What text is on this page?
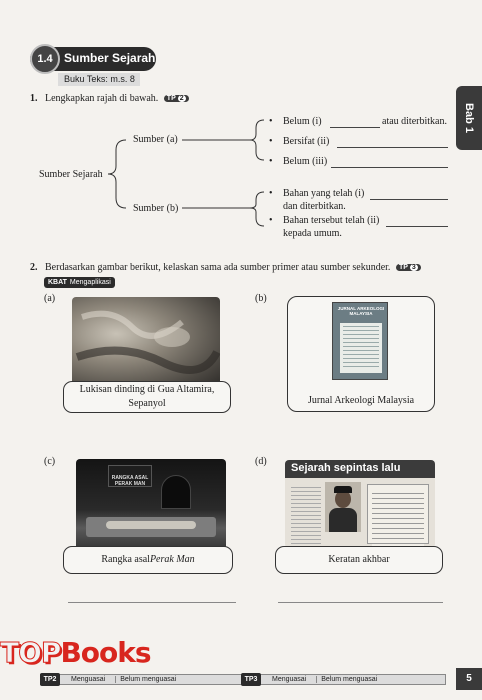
1.4 Sumber Sejarah
Buku Teks: m.s. 8
Bab 1
1. Lengkapkan rajah di bawah. TP 2
Sumber Sejarah
Sumber (a)
Sumber (b)
• Belum (i)	atau diterbitkan.
• Bersifat (ii)
• Belum (iii)
• Bahan yang telah (i)
dan diterbitkan.
• Bahan tersebut telah (ii)
kepada umum.
2. Berdasarkan gambar berikut, kelaskan sama ada sumber primer atau sumber sekunder. TP 3
KBAT Mengaplikasi
(a)	(b)
(c)	(d)
Lukisan dinding di Gua Altamira, Sepanyol
JURNAL ARKEOLOGI MALAYSIA
Jurnal Arkeologi Malaysia
RANGKA ASAL PERAK MAN
Rangka asal Perak Man
Sejarah sepintas lalu
Keratan akhbar
TOPBooks
Menguasai Belum menguasai
TP2	Menguasai Belum menguasai
TP3	5
